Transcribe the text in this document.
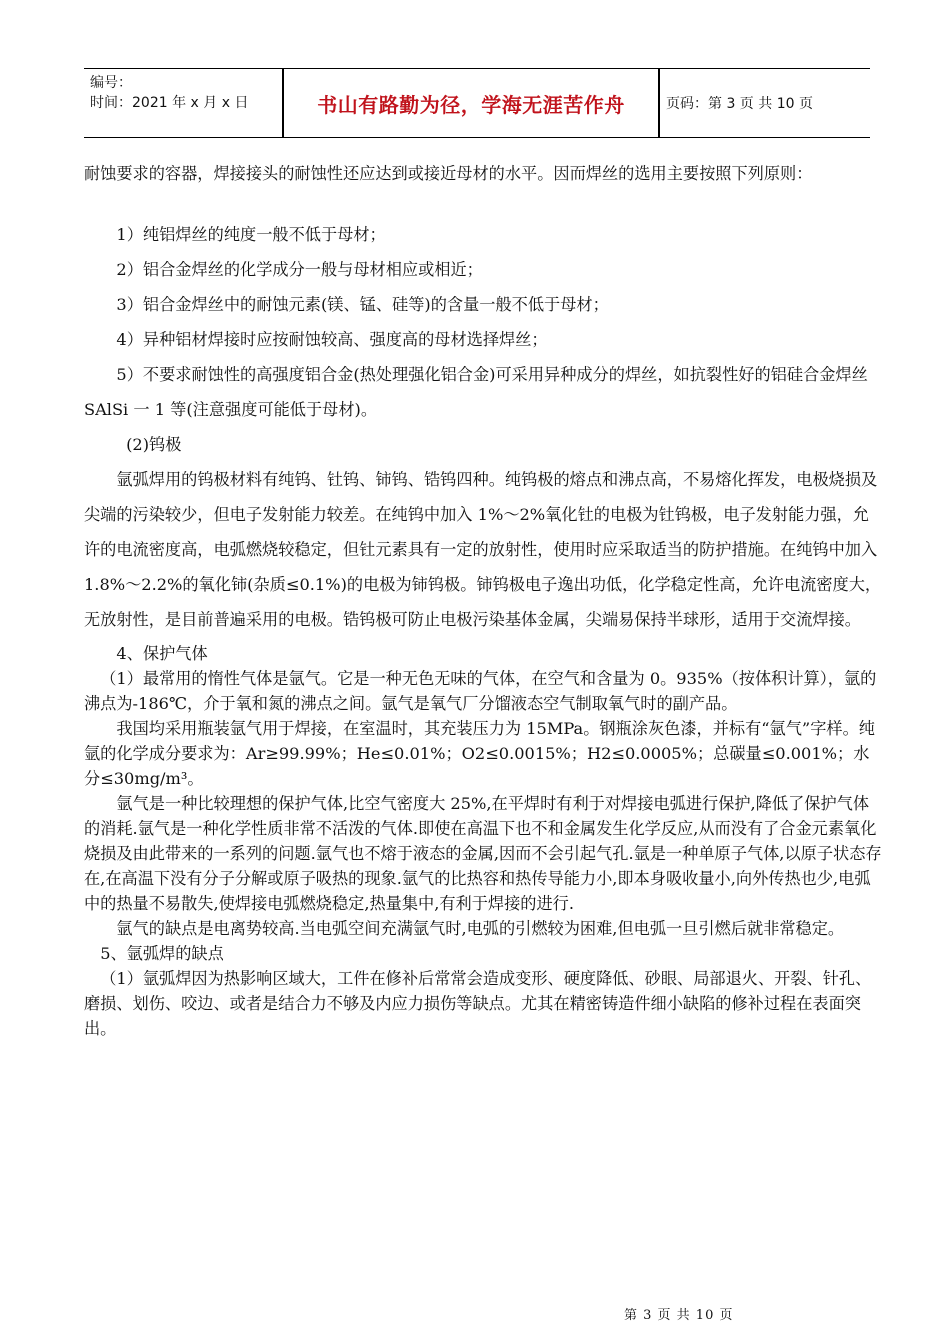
编号：
时间：2021 年 x 月 x 日	书山有路勤为径，学海无涯苦作舟	页码：第 3 页 共 10 页

耐蚀要求的容器，焊接接头的耐蚀性还应达到或接近母材的水平。因而焊丝的选用主要按照下列原则：

1）纯铝焊丝的纯度一般不低于母材；

2）铝合金焊丝的化学成分一般与母材相应或相近；

3）铝合金焊丝中的耐蚀元素(镁、锰、硅等)的含量一般不低于母材；

4）异种铝材焊接时应按耐蚀较高、强度高的母材选择焊丝；

5）不要求耐蚀性的高强度铝合金(热处理强化铝合金)可采用异种成分的焊丝，如抗裂性好的铝硅合金焊丝 SAlSi 一 1 等(注意强度可能低于母材)。

(2)钨极

氩弧焊用的钨极材料有纯钨、钍钨、铈钨、锆钨四种。纯钨极的熔点和沸点高，不易熔化挥发，电极烧损及尖端的污染较少，但电子发射能力较差。在纯钨中加入 1%～2%氧化钍的电极为钍钨极，电子发射能力强，允许的电流密度高，电弧燃烧较稳定，但钍元素具有一定的放射性，使用时应采取适当的防护措施。在纯钨中加入 1.8%～2.2%的氧化铈(杂质≤0.1%)的电极为铈钨极。铈钨极电子逸出功低，化学稳定性高，允许电流密度大，无放射性，是目前普遍采用的电极。锆钨极可防止电极污染基体金属，尖端易保持半球形，适用于交流焊接。

4、保护气体

（1）最常用的惰性气体是氩气。它是一种无色无味的气体，在空气和含量为 0。935%（按体积计算），氩的沸点为-186℃，介于氧和氮的沸点之间。氩气是氧气厂分馏液态空气制取氧气时的副产品。

我国均采用瓶装氩气用于焊接，在室温时，其充装压力为 15MPa。钢瓶涂灰色漆，并标有“氩气”字样。纯氩的化学成分要求为：Ar≥99.99%；He≤0.01%；O2≤0.0015%；H2≤0.0005%；总碳量≤0.001%；水分≤30mg/m³。

氩气是一种比较理想的保护气体,比空气密度大 25%,在平焊时有利于对焊接电弧进行保护,降低了保护气体的消耗.氩气是一种化学性质非常不活泼的气体.即使在高温下也不和金属发生化学反应,从而没有了合金元素氧化烧损及由此带来的一系列的问题.氩气也不熔于液态的金属,因而不会引起气孔.氩是一种单原子气体,以原子状态存在,在高温下没有分子分解或原子吸热的现象.氩气的比热容和热传导能力小,即本身吸收量小,向外传热也少,电弧中的热量不易散失,使焊接电弧燃烧稳定,热量集中,有利于焊接的进行.

氩气的缺点是电离势较高.当电弧空间充满氩气时,电弧的引燃较为困难,但电弧一旦引燃后就非常稳定。

5、氩弧焊的缺点

（1）氩弧焊因为热影响区域大，工件在修补后常常会造成变形、硬度降低、砂眼、局部退火、开裂、针孔、磨损、划伤、咬边、或者是结合力不够及内应力损伤等缺点。尤其在精密铸造件细小缺陷的修补过程在表面突出。

第 3 页 共 10 页
